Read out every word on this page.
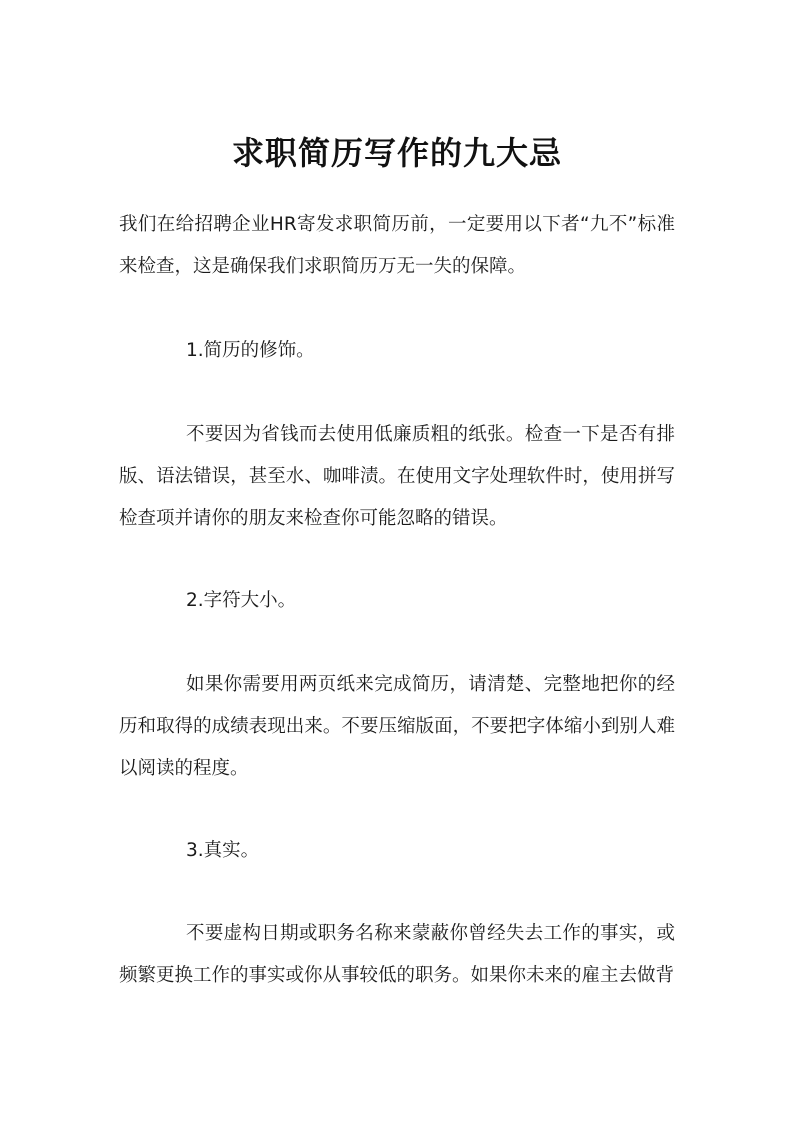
求职简历写作的九大忌

我们在给招聘企业HR寄发求职简历前，一定要用以下者“九不”标准来检查，这是确保我们求职简历万无一失的保障。

1.简历的修饰。

不要因为省钱而去使用低廉质粗的纸张。检查一下是否有排版、语法错误，甚至水、咖啡渍。在使用文字处理软件时，使用拼写检查项并请你的朋友来检查你可能忽略的错误。

2.字符大小。

如果你需要用两页纸来完成简历，请清楚、完整地把你的经历和取得的成绩表现出来。不要压缩版面，不要把字体缩小到别人难以阅读的程度。

3.真实。

不要虚构日期或职务名称来蒙蔽你曾经失去工作的事实，或频繁更换工作的事实或你从事较低的职务。如果你未来的雇主去做背
